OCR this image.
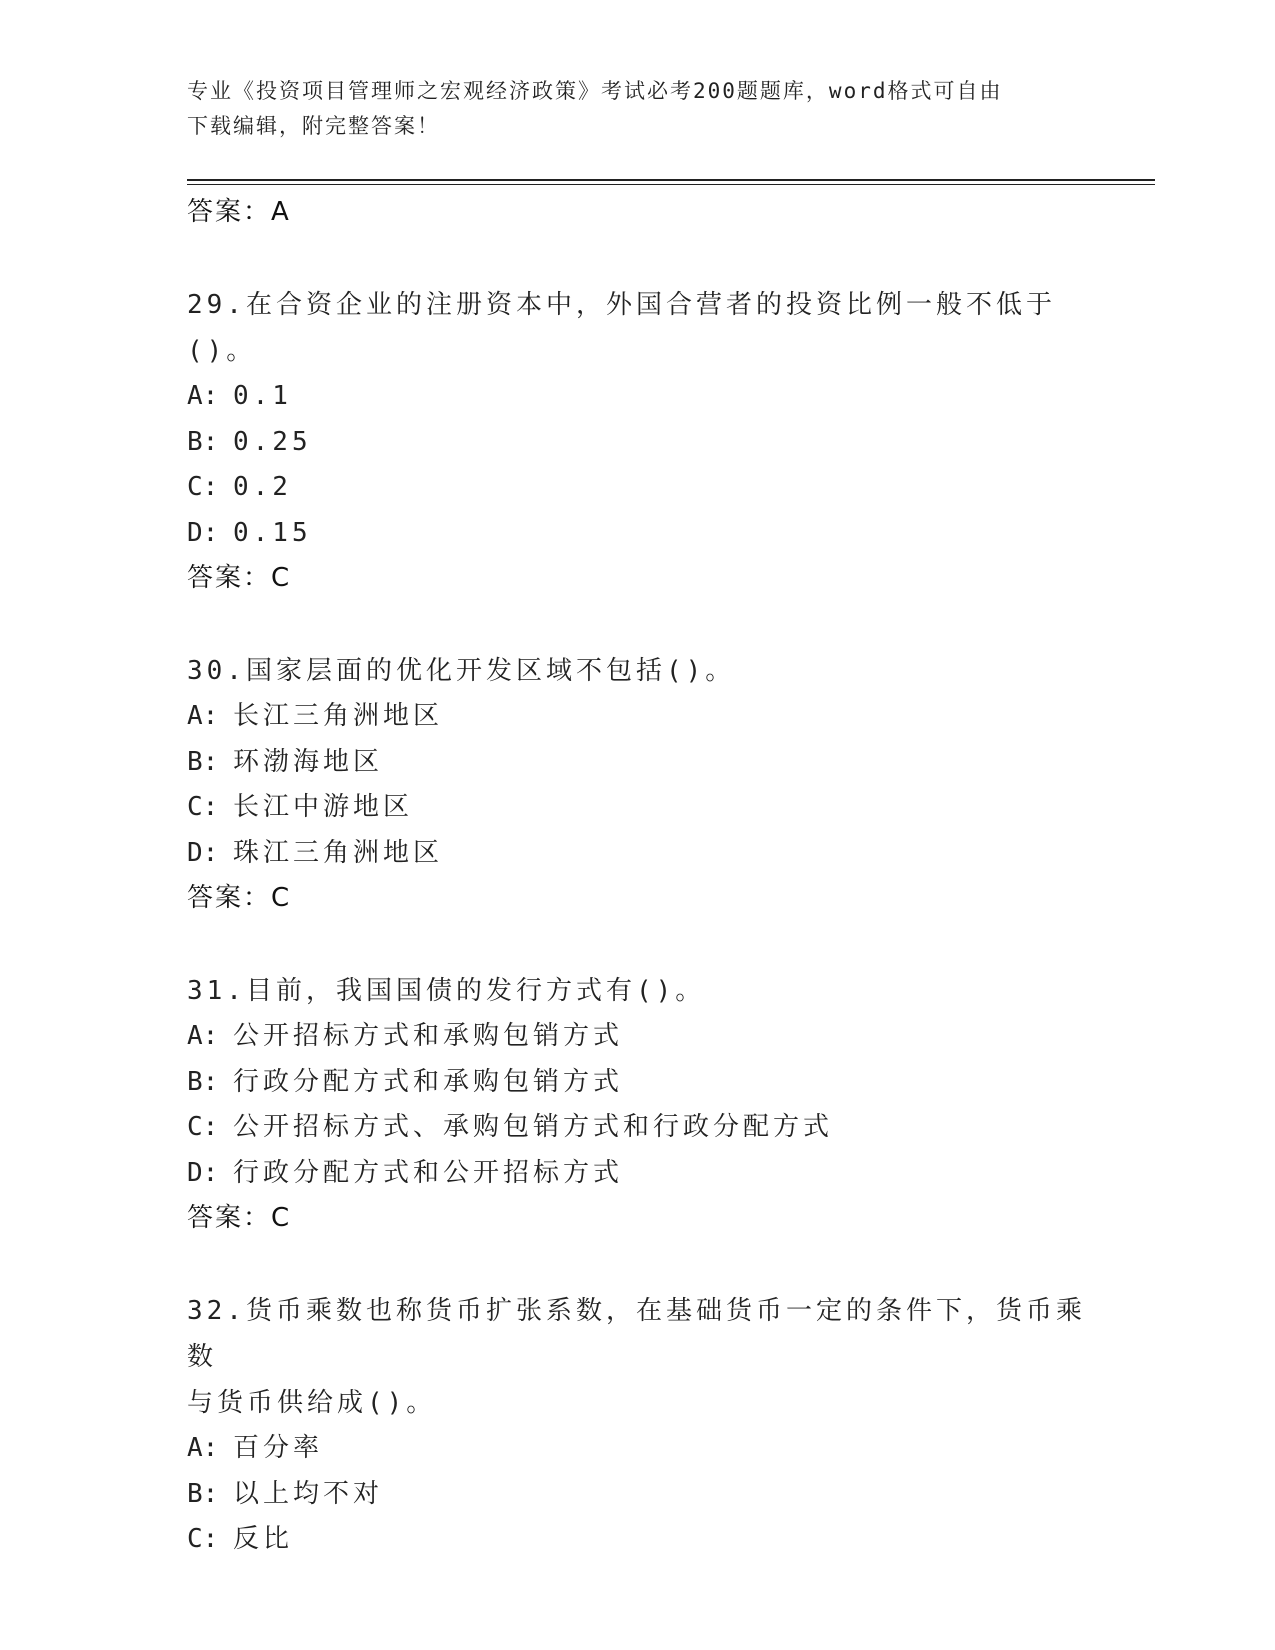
专业《投资项目管理师之宏观经济政策》考试必考200题题库，word格式可自由
下载编辑，附完整答案！
答案：A
29.在合资企业的注册资本中，外国合营者的投资比例一般不低于()。
A: 0.1
B: 0.25
C: 0.2
D: 0.15
答案：C
30.国家层面的优化开发区域不包括()。
A: 长江三角洲地区
B: 环渤海地区
C: 长江中游地区
D: 珠江三角洲地区
答案：C
31.目前，我国国债的发行方式有()。
A: 公开招标方式和承购包销方式
B: 行政分配方式和承购包销方式
C: 公开招标方式、承购包销方式和行政分配方式
D: 行政分配方式和公开招标方式
答案：C
32.货币乘数也称货币扩张系数，在基础货币一定的条件下，货币乘数
与货币供给成()。
A: 百分率
B: 以上均不对
C: 反比
